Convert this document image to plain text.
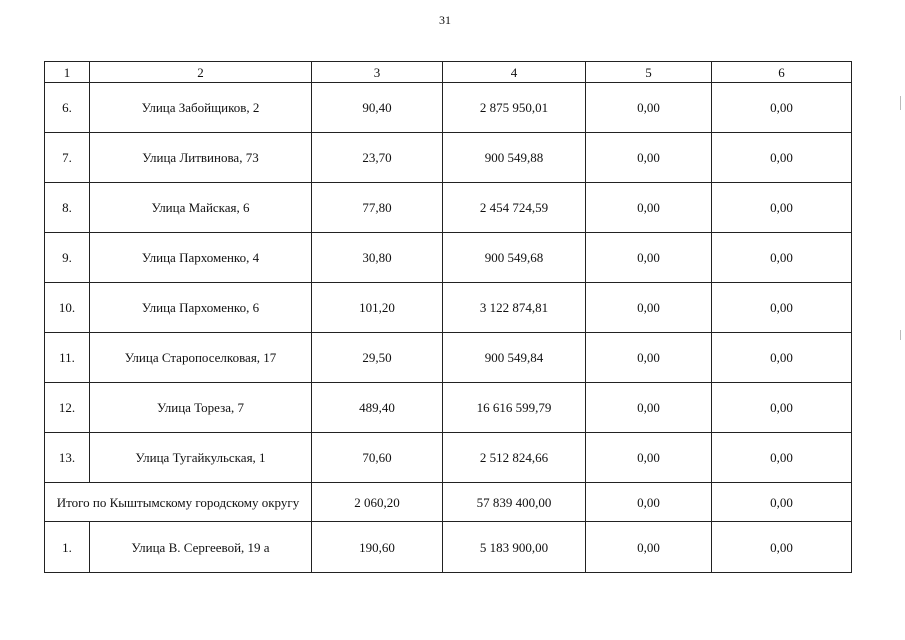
31
1	2	3	4	5	6
6.	Улица Забойщиков, 2	90,40	2 875 950,01	0,00	0,00
7.	Улица Литвинова, 73	23,70	900 549,88	0,00	0,00
8.	Улица Майская, 6	77,80	2 454 724,59	0,00	0,00
9.	Улица Пархоменко, 4	30,80	900 549,68	0,00	0,00
10.	Улица Пархоменко, 6	101,20	3 122 874,81	0,00	0,00
11.	Улица Старопоселковая, 17	29,50	900 549,84	0,00	0,00
12.	Улица Тореза, 7	489,40	16 616 599,79	0,00	0,00
13.	Улица Тугайкульская, 1	70,60	2 512 824,66	0,00	0,00
Итого по Кыштымскому городскому округу		2 060,20	57 839 400,00	0,00	0,00
1.	Улица В. Сергеевой, 19 а	190,60	5 183 900,00	0,00	0,00
